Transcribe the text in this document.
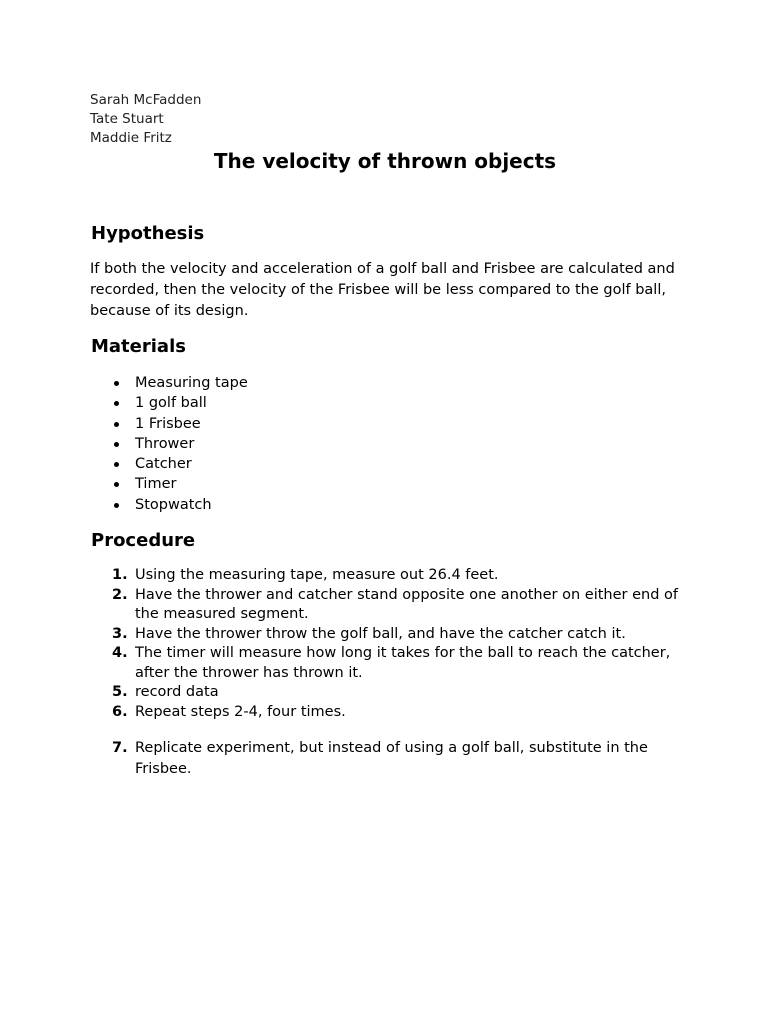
Sarah McFadden
Tate Stuart
Maddie Fritz
The velocity of thrown objects
Hypothesis

If both the velocity and acceleration of a golf ball and Frisbee are calculated and recorded, then the velocity of the Frisbee will be less compared to the golf ball, because of its design.

Materials
Measuring tape
1 golf ball
1 Frisbee
Thrower
Catcher
Timer
Stopwatch
Procedure
1. Using the measuring tape, measure out 26.4 feet.
2. Have the thrower and catcher stand opposite one another on either end of the measured segment.
3. Have the thrower throw the golf ball, and have the catcher catch it.
4. The timer will measure how long it takes for the ball to reach the catcher, after the thrower has thrown it.
5. record data
6. Repeat steps 2-4, four times.
7. Replicate experiment, but instead of using a golf ball, substitute in the Frisbee.
